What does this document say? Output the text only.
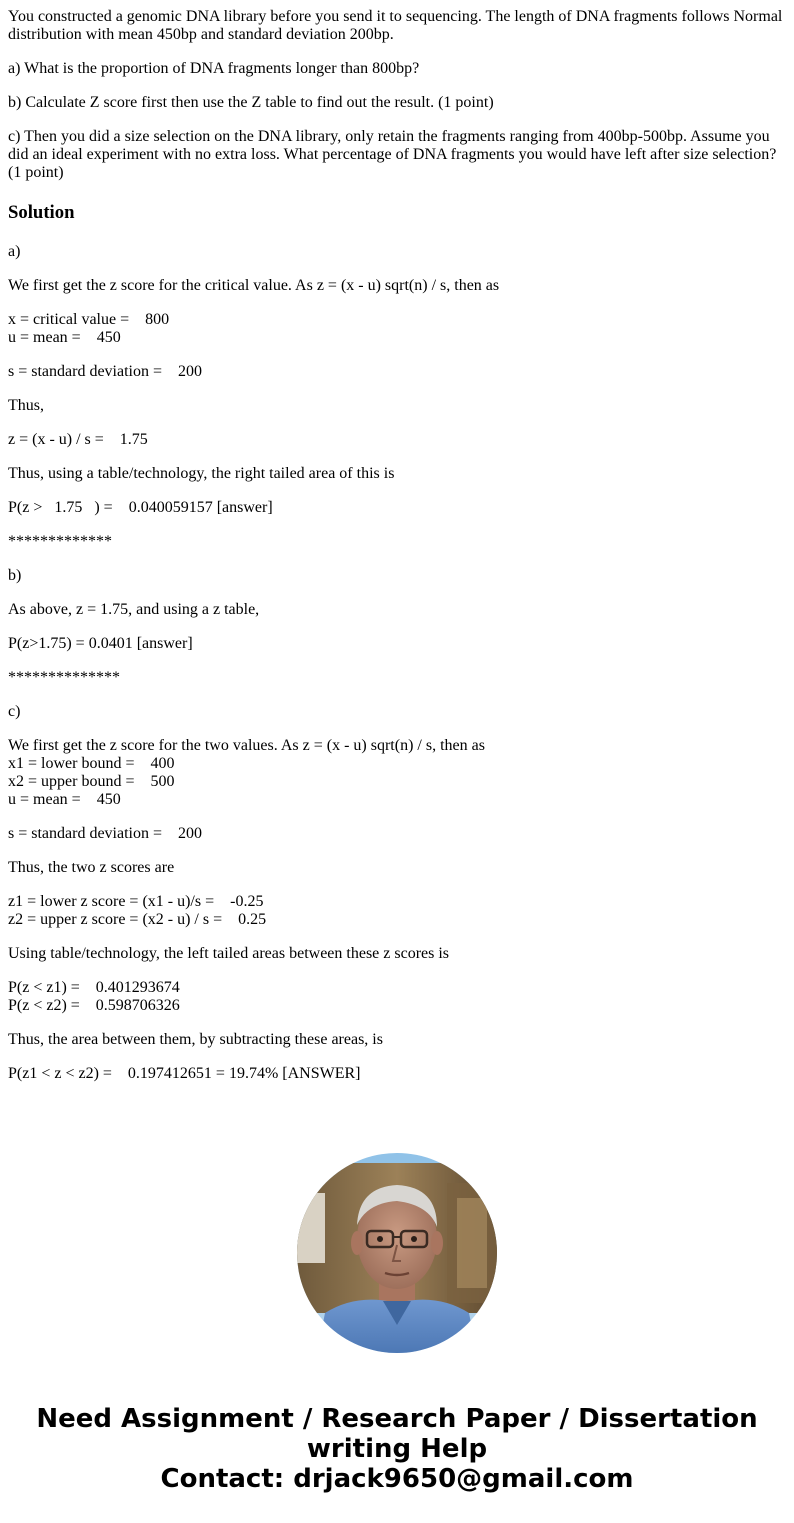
You constructed a genomic DNA library before you send it to sequencing. The length of DNA fragments follows Normal distribution with mean 450bp and standard deviation 200bp.

a) What is the proportion of DNA fragments longer than 800bp?

b) Calculate Z score first then use the Z table to find out the result. (1 point)

c) Then you did a size selection on the DNA library, only retain the fragments ranging from 400bp-500bp. Assume you did an ideal experiment with no extra loss. What percentage of DNA fragments you would have left after size selection? (1 point)

Solution

a)

We first get the z score for the critical value. As z = (x - u) sqrt(n) / s, then as

x = critical value =    800

u = mean =    450

s = standard deviation =    200

Thus,

z = (x - u) / s =    1.75

Thus, using a table/technology, the right tailed area of this is

P(z >   1.75   ) =    0.040059157 [answer]

*************

b)

As above, z = 1.75, and using a z table,

P(z>1.75) = 0.0401 [answer]

**************

c)

We first get the z score for the two values. As z = (x - u) sqrt(n) / s, then as

x1 = lower bound =    400

x2 = upper bound =    500

u = mean =    450

s = standard deviation =    200

Thus, the two z scores are

z1 = lower z score = (x1 - u)/s =    -0.25

z2 = upper z score = (x2 - u) / s =    0.25

Using table/technology, the left tailed areas between these z scores is

P(z < z1) =    0.401293674

P(z < z2) =    0.598706326

Thus, the area between them, by subtracting these areas, is

P(z1 < z < z2) =    0.197412651 = 19.74% [ANSWER]

Need Assignment / Research Paper / Dissertation
writing Help
Contact: drjack9650@gmail.com
